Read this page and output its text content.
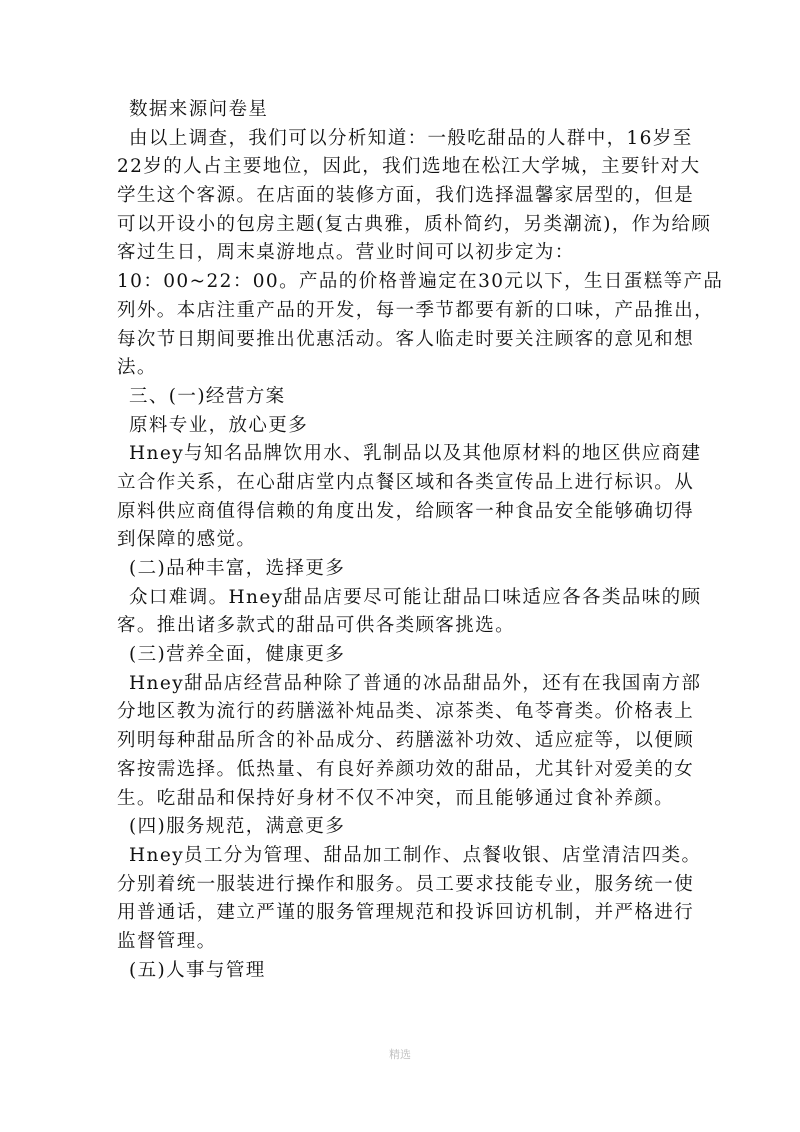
数据来源问卷星
由以上调查，我们可以分析知道：一般吃甜品的人群中，16岁至
22岁的人占主要地位，因此，我们选地在松江大学城，主要针对大
学生这个客源。在店面的装修方面，我们选择温馨家居型的，但是
可以开设小的包房主题(复古典雅，质朴简约，另类潮流)，作为给顾
客过生日，周末桌游地点。营业时间可以初步定为：
10：00~22：00。产品的价格普遍定在30元以下，生日蛋糕等产品
列外。本店注重产品的开发，每一季节都要有新的口味，产品推出，
每次节日期间要推出优惠活动。客人临走时要关注顾客的意见和想
法。
三、(一)经营方案
原料专业，放心更多
Hney与知名品牌饮用水、乳制品以及其他原材料的地区供应商建
立合作关系，在心甜店堂内点餐区域和各类宣传品上进行标识。从
原料供应商值得信赖的角度出发，给顾客一种食品安全能够确切得
到保障的感觉。
(二)品种丰富，选择更多
众口难调。Hney甜品店要尽可能让甜品口味适应各各类品味的顾
客。推出诸多款式的甜品可供各类顾客挑选。
(三)营养全面，健康更多
Hney甜品店经营品种除了普通的冰品甜品外，还有在我国南方部
分地区教为流行的药膳滋补炖品类、凉茶类、龟苓膏类。价格表上
列明每种甜品所含的补品成分、药膳滋补功效、适应症等，以便顾
客按需选择。低热量、有良好养颜功效的甜品，尤其针对爱美的女
生。吃甜品和保持好身材不仅不冲突，而且能够通过食补养颜。
(四)服务规范，满意更多
Hney员工分为管理、甜品加工制作、点餐收银、店堂清洁四类。
分别着统一服装进行操作和服务。员工要求技能专业，服务统一使
用普通话，建立严谨的服务管理规范和投诉回访机制，并严格进行
监督管理。
(五)人事与管理
精选
